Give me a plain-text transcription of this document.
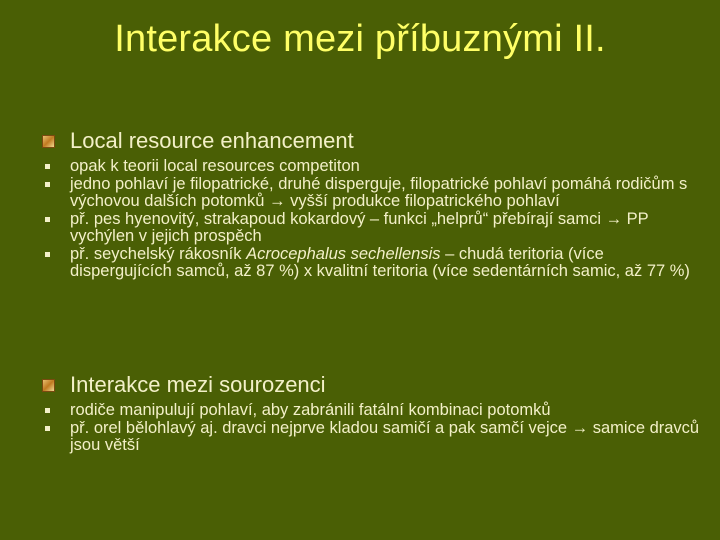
Interakce mezi příbuznými II.
Local resource enhancement
opak k teorii local resources competiton
jedno pohlaví je filopatrické, druhé disperguje, filopatrické pohlaví pomáhá rodičům s výchovou dalších potomků → vyšší produkce filopatrického pohlaví
př. pes hyenovitý, strakapoud kokardový – funkci „helprů“ přebírají samci → PP vychýlen v jejich prospěch
př. seychelský rákosník Acrocephalus sechellensis – chudá teritoria (více dispergujících samců, až 87 %) x kvalitní teritoria (více sedentárních samic, až 77 %)
Interakce mezi sourozenci
rodiče manipulují pohlaví, aby zabránili fatální kombinaci potomků
př. orel bělohlavý aj. dravci nejprve kladou samičí a pak samčí vejce → samice dravců jsou větší
